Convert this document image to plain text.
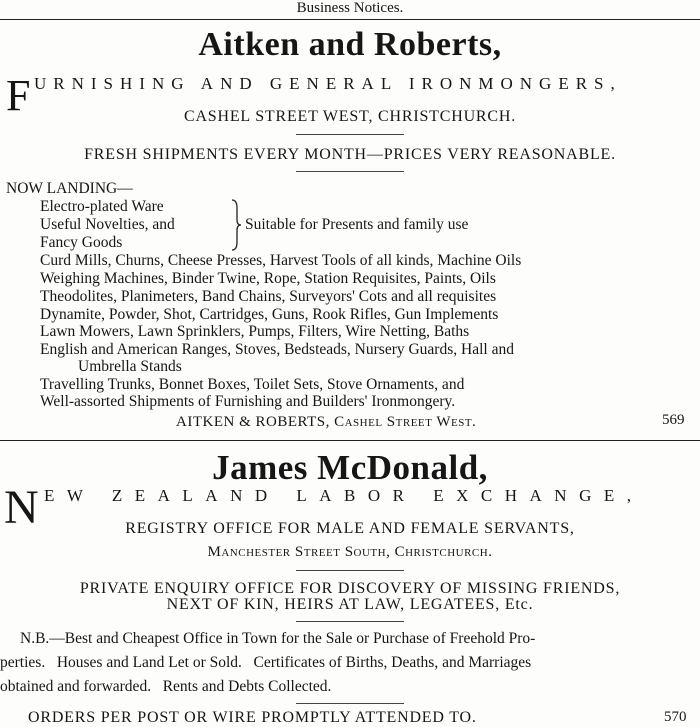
Business Notices.
Aitken and Roberts,
F URNISHING AND GENERAL IRONMONGERS,
CASHEL STREET WEST, CHRISTCHURCH.
FRESH SHIPMENTS EVERY MONTH—PRICES VERY REASONABLE.
NOW LANDING—
Electro-plated Ware
Useful Novelties, and
Fancy Goods
Suitable for Presents and family use
Curd Mills, Churns, Cheese Presses, Harvest Tools of all kinds, Machine Oils
Weighing Machines, Binder Twine, Rope, Station Requisites, Paints, Oils
Theodolites, Planimeters, Band Chains, Surveyors' Cots and all requisites
Dynamite, Powder, Shot, Cartridges, Guns, Rook Rifles, Gun Implements
Lawn Mowers, Lawn Sprinklers, Pumps, Filters, Wire Netting, Baths
English and American Ranges, Stoves, Bedsteads, Nursery Guards, Hall and
Umbrella Stands
Travelling Trunks, Bonnet Boxes, Toilet Sets, Stove Ornaments, and
Well-assorted Shipments of Furnishing and Builders' Ironmongery.
AITKEN & ROBERTS, Cashel Street West.	569
James McDonald,
N EW ZEALAND LABOR EXCHANGE,
REGISTRY OFFICE FOR MALE AND FEMALE SERVANTS,
Manchester Street South, Christchurch.
PRIVATE ENQUIRY OFFICE FOR DISCOVERY OF MISSING FRIENDS,
NEXT OF KIN, HEIRS AT LAW, LEGATEES, Etc.
N.B.—Best and Cheapest Office in Town for the Sale or Purchase of Freehold Pro-
perties.   Houses and Land Let or Sold.   Certificates of Births, Deaths, and Marriages
obtained and forwarded.   Rents and Debts Collected.
ORDERS PER POST OR WIRE PROMPTLY ATTENDED TO.	570
